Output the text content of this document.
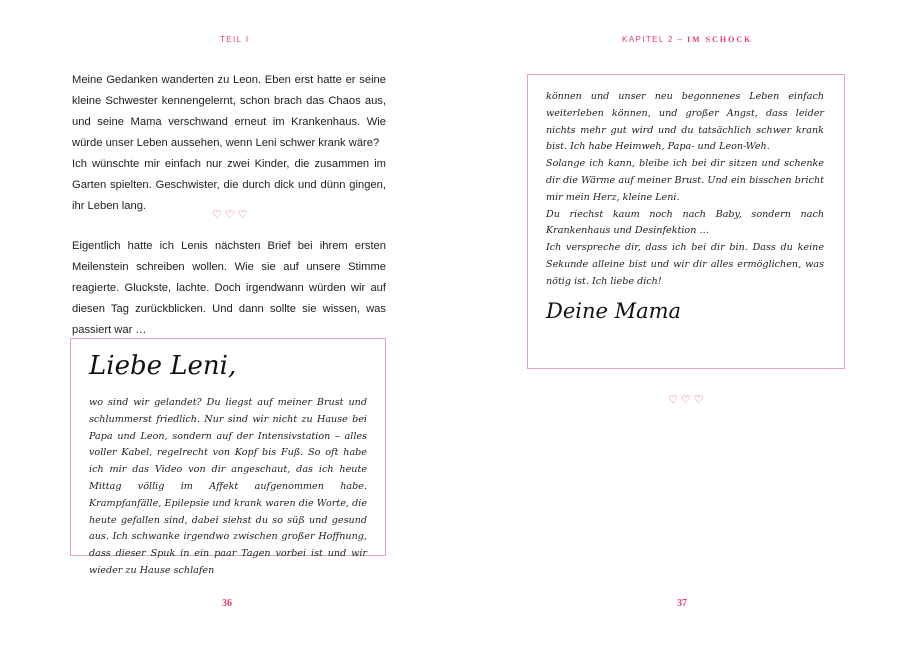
TEIL I

Meine Gedanken wanderten zu Leon. Eben erst hatte er seine kleine Schwester kennengelernt, schon brach das Chaos aus, und seine Mama verschwand erneut im Krankenhaus. Wie würde unser Leben aussehen, wenn Leni schwer krank wäre?

Ich wünschte mir einfach nur zwei Kinder, die zusammen im Garten spielten. Geschwister, die durch dick und dünn gingen, ihr Leben lang.

♡♡♡

Eigentlich hatte ich Lenis nächsten Brief bei ihrem ersten Meilenstein schreiben wollen. Wie sie auf unsere Stimme reagierte. Gluckste, lachte. Doch irgendwann würden wir auf diesen Tag zurückblicken. Und dann sollte sie wissen, was passiert war …

Liebe Leni,

wo sind wir gelandet? Du liegst auf meiner Brust und schlummerst friedlich. Nur sind wir nicht zu Hause bei Papa und Leon, sondern auf der Intensivstation – alles voller Kabel, regelrecht von Kopf bis Fuß. So oft habe ich mir das Video von dir angeschaut, das ich heute Mittag völlig im Affekt aufgenommen habe. Krampfanfälle, Epilepsie und krank waren die Worte, die heute gefallen sind, dabei siehst du so süß und gesund aus. Ich schwanke irgendwo zwischen großer Hoffnung, dass dieser Spuk in ein paar Tagen vorbei ist und wir wieder zu Hause schlafen

36
KAPITEL 2 – IM SCHOCK

können und unser neu begonnenes Leben einfach weiterleben können, und großer Angst, dass leider nichts mehr gut wird und du tatsächlich schwer krank bist. Ich habe Heimweh, Papa- und Leon-Weh.

Solange ich kann, bleibe ich bei dir sitzen und schenke dir die Wärme auf meiner Brust. Und ein bisschen bricht mir mein Herz, kleine Leni.

Du riechst kaum noch nach Baby, sondern nach Krankenhaus und Desinfektion …

Ich verspreche dir, dass ich bei dir bin. Dass du keine Sekunde alleine bist und wir dir alles ermöglichen, was nötig ist. Ich liebe dich!

Deine Mama
♡♡♡
37
